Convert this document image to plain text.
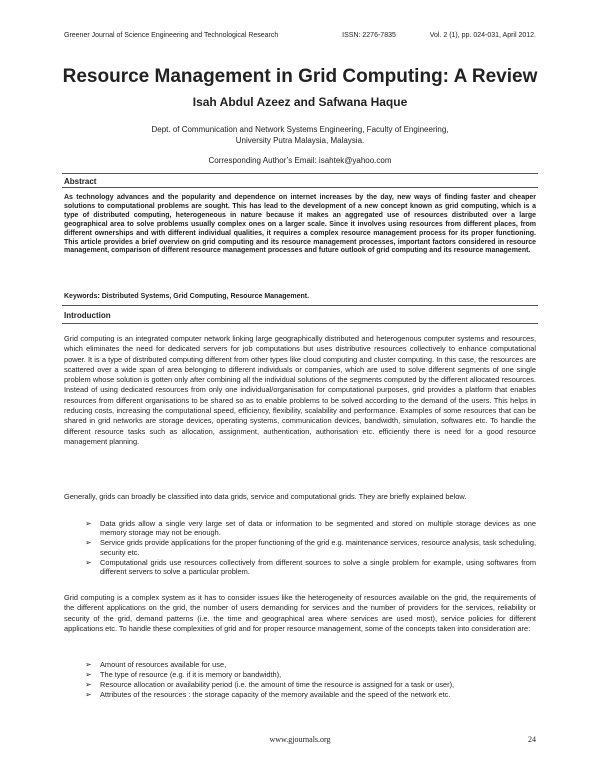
Greener Journal of Science Engineering and Technological Research	ISSN: 2276-7835	Vol. 2 (1), pp. 024-031, April 2012.
Resource Management in Grid Computing: A Review
Isah Abdul Azeez and Safwana Haque
Dept. of Communication and Network Systems Engineering, Faculty of Engineering,
University Putra Malaysia, Malaysia.
Corresponding Author’s Email: isahtek@yahoo.com
Abstract
As technology advances and the popularity and dependence on internet increases by the day, new ways of finding faster and cheaper solutions to computational problems are sought. This has lead to the development of a new concept known as grid computing, which is a type of distributed computing, heterogeneous in nature because it makes an aggregated use of resources distributed over a large geographical area to solve problems usually complex ones on a larger scale. Since it involves using resources from different places, from different ownerships and with different individual qualities, it requires a complex resource management process for its proper functioning. This article provides a brief overview on grid computing and its resource management processes, important factors considered in resource management, comparison of different resource management processes and future outlook of grid computing and its resource management.
Keywords: Distributed Systems, Grid Computing, Resource Management.
Introduction
Grid computing is an integrated computer network linking large geographically distributed and heterogenous computer systems and resources, which eliminates the need for dedicated servers for job computations but uses distributive resources collectively to enhance computational power. It is a type of distributed computing different from other types like cloud computing and cluster computing. In this case, the resources are scattered over a wide span of area belonging to different individuals or companies, which are used to solve different segments of one single problem whose solution is gotten only after combining all the individual solutions of the segments computed by the different allocated resources. Instead of using dedicated resources from only one individual/organisation for computational purposes, grid provides a platform that enables resources from different organisations to be shared so as to enable problems to be solved according to the demand of the users. This helps in reducing costs, increasing the computational speed, efficiency, flexibility, scalability and performance. Examples of some resources that can be shared in grid networks are storage devices, operating systems, communication devices, bandwidth, simulation, softwares etc. To handle the different resource tasks such as allocation, assignment, authentication, authorisation etc. efficiently there is need for a good resource management planning.
Generally, grids can broadly be classified into data grids, service and computational grids. They are briefly explained below.
➢ Data grids allow a single very large set of data or information to be segmented and stored on multiple storage devices as one memory storage may not be enough.
➢ Service grids provide applications for the proper functioning of the grid e.g. maintenance services, resource analysis, task scheduling, security etc.
➢ Computational grids use resources collectively from different sources to solve a single problem for example, using softwares from different servers to solve a particular problem.
Grid computing is a complex system as it has to consider issues like the heterogeneity of resources available on the grid, the requirements of the different applications on the grid, the number of users demanding for services and the number of providers for the services, reliability or security of the grid, demand patterns (i.e. the time and geographical area where services are used most), service policies for different applications etc. To handle these complexities of grid and for proper resource management, some of the concepts taken into consideration are:
➢ Amount of resources available for use,
➢ The type of resource (e.g. if it is memory or bandwidth),
➢ Resource allocation or availability period (i.e. the amount of time the resource is assigned for a task or user),
➢ Attributes of the resources : the storage capacity of the memory available and the speed of the network etc.
www.gjournals.org	24
